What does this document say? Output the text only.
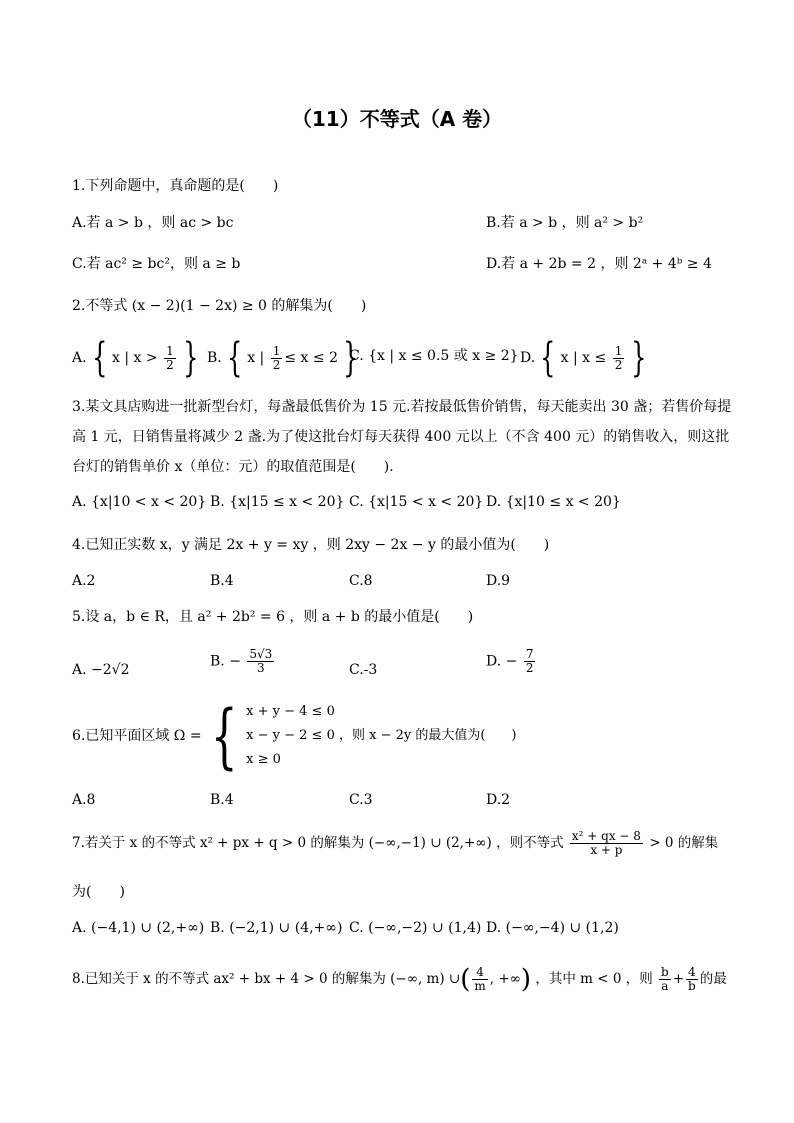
（11）不等式（A 卷）
1.下列命题中，真命题的是(　　)
A.若 a > b ，则 ac > bc	B.若 a > b ，则 a² > b²
C.若 ac² ≥ bc²，则 a ≥ b	D.若 a + 2b = 2 ，则 2ᵃ + 4ᵇ ≥ 4
2.不等式 (x − 2)(1 − 2x) ≥ 0 的解集为(　　)
A. { x | $x > \frac{1}{2}$ } B. { x | $\frac{1}{2} \le x \le 2$ }
C. {x | x ≤ 0.5 或 x ≥ 2} D. { x | $x \le \frac{1}{2}$ }
3.某文具店购进一批新型台灯，每盏最低售价为 15 元.若按最低售价销售，每天能卖出 30 盏；若售价每提高 1 元，日销售量将减少 2 盏.为了使这批台灯每天获得 400 元以上（不含 400 元）的销售收入，则这批台灯的销售单价 x（单位：元）的取值范围是(　　).
A. {x|10 < x < 20} B. {x|15 ≤ x < 20} C. {x|15 < x < 20} D. {x|10 ≤ x < 20}
4.已知正实数 x，y 满足 2x + y = xy ，则 2xy − 2x − y 的最小值为(　　)
A.2	B.4	C.8	D.9
5.设 a，b ∈ R，且 a² + 2b² = 6 ，则 a + b 的最小值是(　　)
A. −2√2
B. − $\frac{5√3}{3}$	C.-3
D. − $\frac{7}{2}$
6.已知平面区域 Ω = { x + y − 4 ≤ 0
x − y − 2 ≤ 0 ，则 x − 2y 的最大值为(　　)
x ≥ 0
A.8	B.4	C.3	D.2
7.若关于 x 的不等式 x² + px + q > 0 的解集为 (−∞,−1) ∪ (2,+∞) ，则不等式 $\frac{\text{x² + qx − 8}}{x + p} > 0$ 的解集
为(　　)
A. (−4,1) ∪ (2,+∞) B. (−2,1) ∪ (4,+∞) C. (−∞,−2) ∪ (1,4) D. (−∞,−4) ∪ (1,2)
8.已知关于 x 的不等式 ax² + bx + 4 > 0 的解集为 (−∞, m) ∪( $\frac{4}{m}$ , +∞) ，其中 m < 0 ，则 $\frac{b}{a} + \frac{4}{b}$ 的最
